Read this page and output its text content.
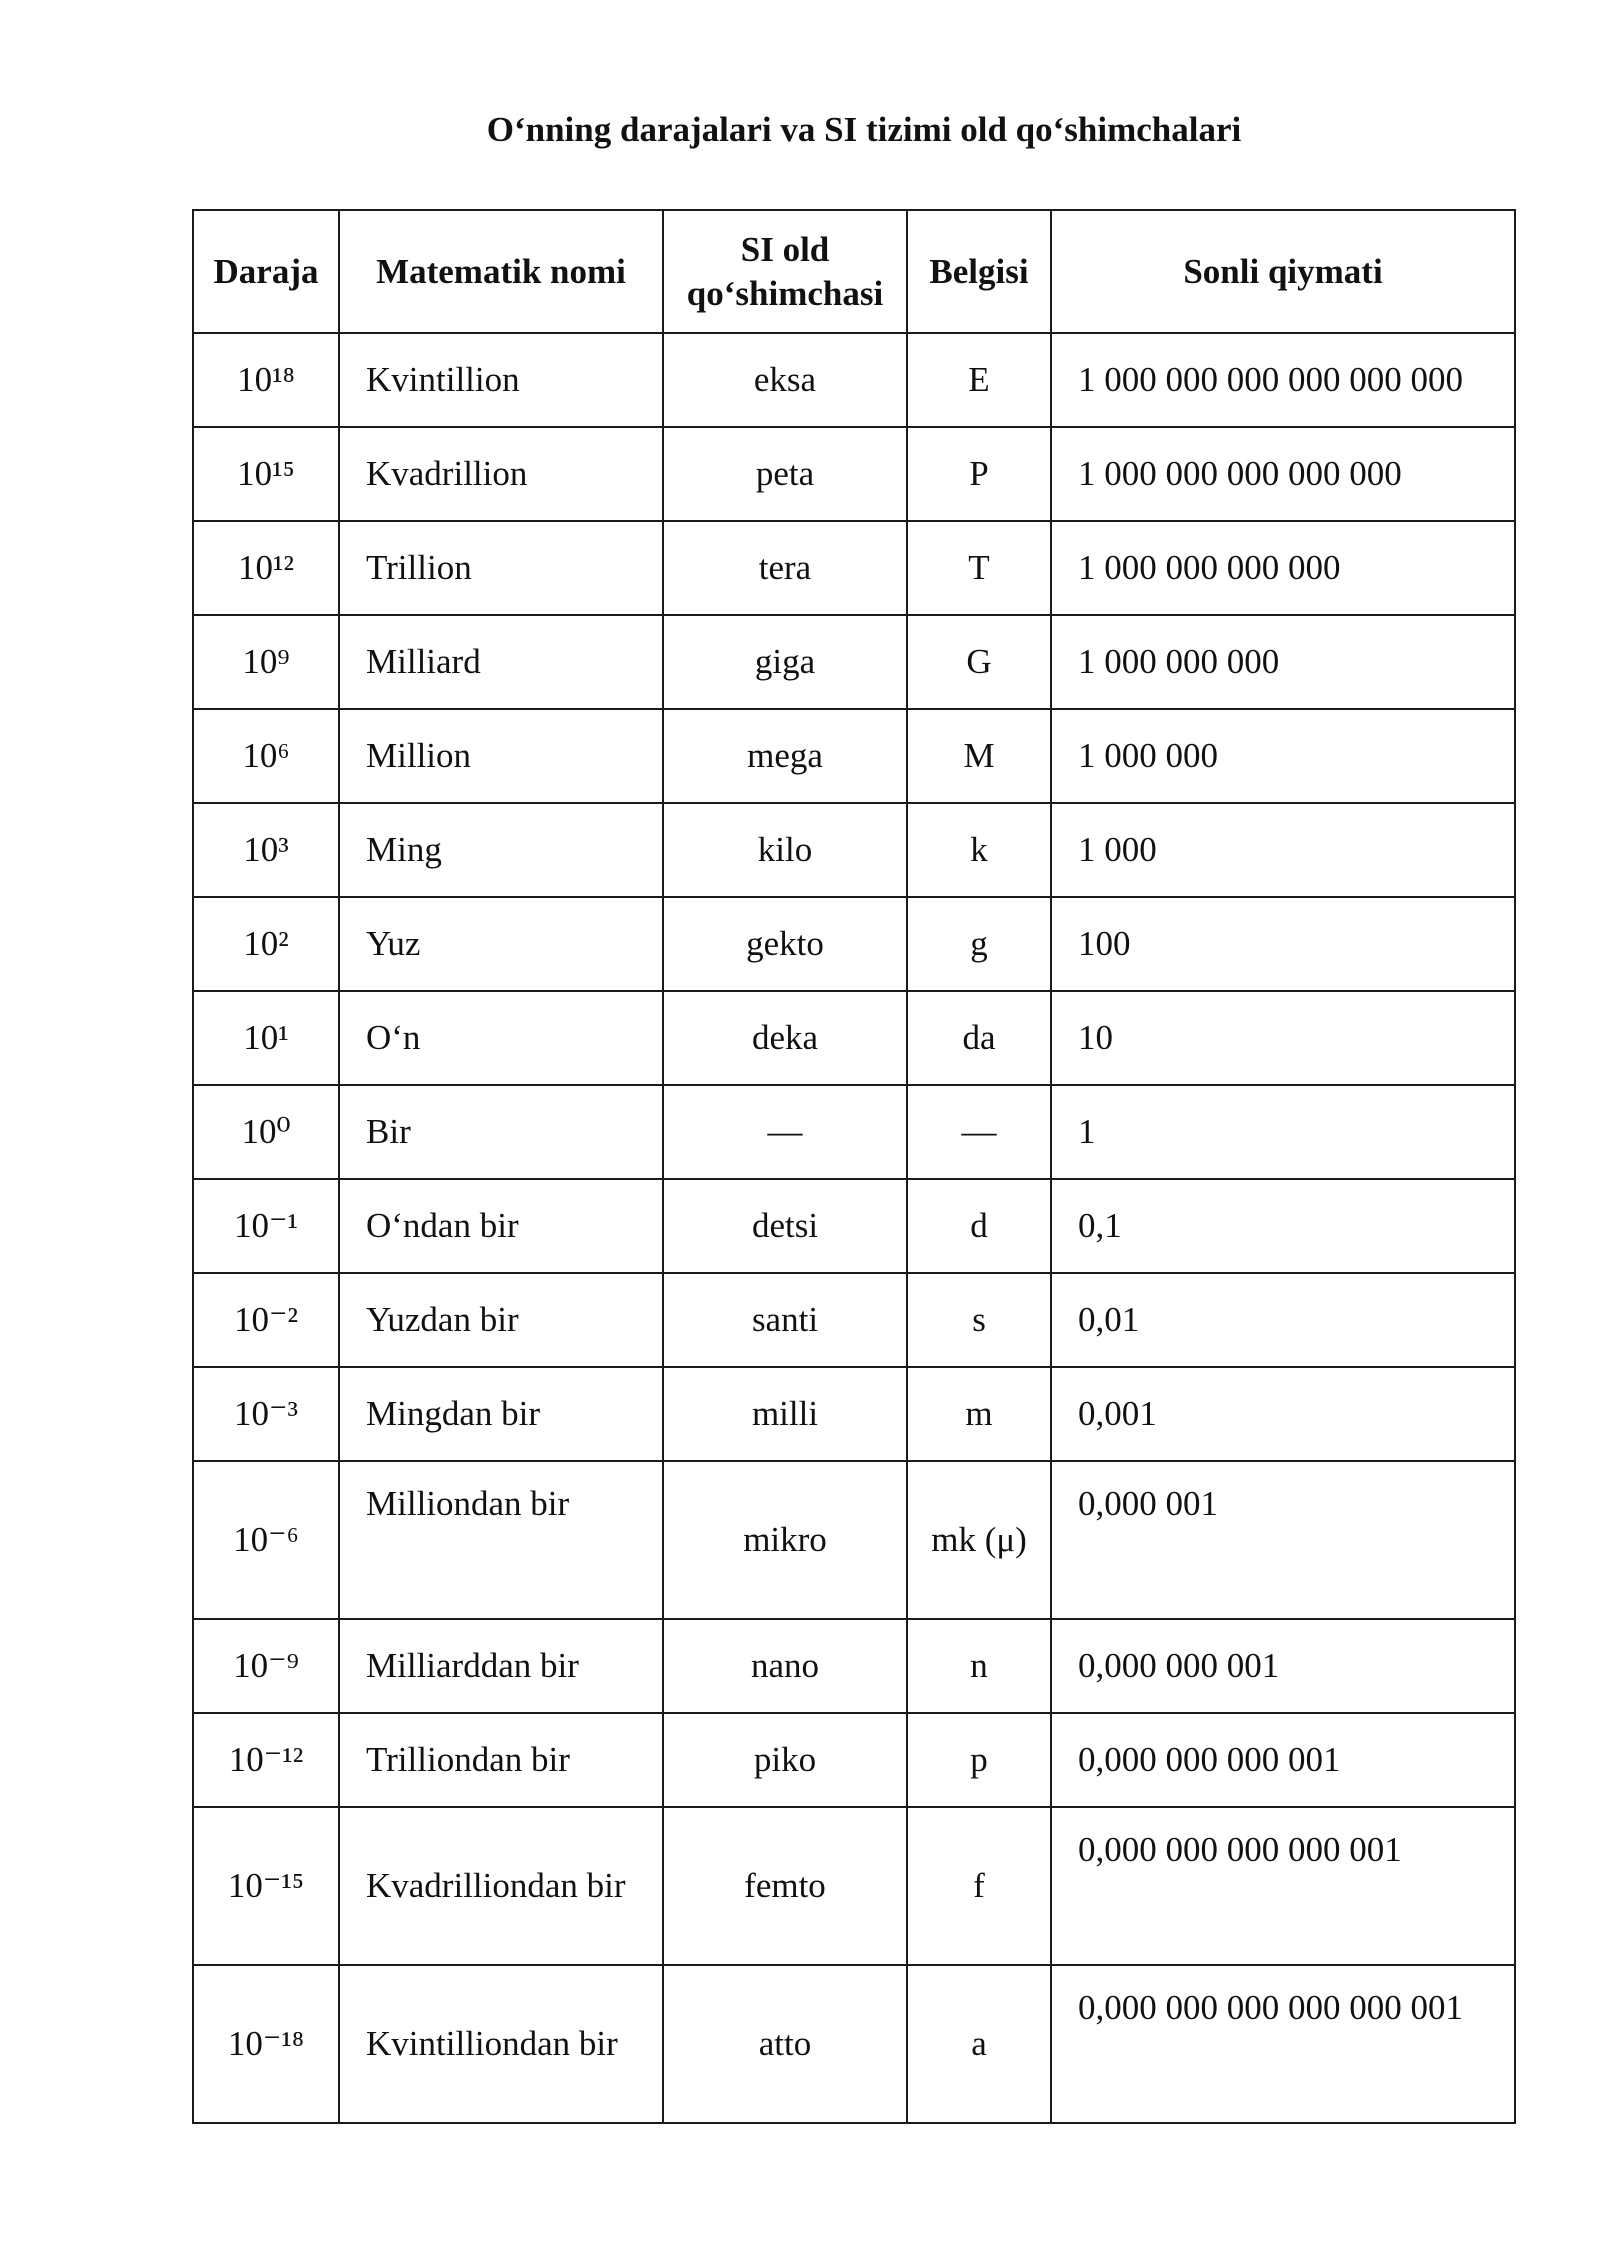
O‘nning darajalari va SI tizimi old qo‘shimchalari
Daraja	Matematik nomi	SI old qo‘shimchasi	Belgisi	Sonli qiymati
10¹⁸	Kvintillion	eksa	E	1 000 000 000 000 000 000
10¹⁵	Kvadrillion	peta	P	1 000 000 000 000 000
10¹²	Trillion	tera	T	1 000 000 000 000
10⁹	Milliard	giga	G	1 000 000 000
10⁶	Million	mega	M	1 000 000
10³	Ming	kilo	k	1 000
10²	Yuz	gekto	g	100
10¹	O‘n	deka	da	10
10⁰	Bir	—	—	1
10⁻¹	O‘ndan bir	detsi	d	0,1
10⁻²	Yuzdan bir	santi	s	0,01
10⁻³	Mingdan bir	milli	m	0,001
10⁻⁶	Milliondan bir	mikro	mk (μ)	0,000 001
10⁻⁹	Milliarddan bir	nano	n	0,000 000 001
10⁻¹²	Trilliondan bir	piko	p	0,000 000 000 001
10⁻¹⁵	Kvadrilliondan bir	femto	f	0,000 000 000 000 001
10⁻¹⁸	Kvintilliondan bir	atto	a	0,000 000 000 000 000 001
